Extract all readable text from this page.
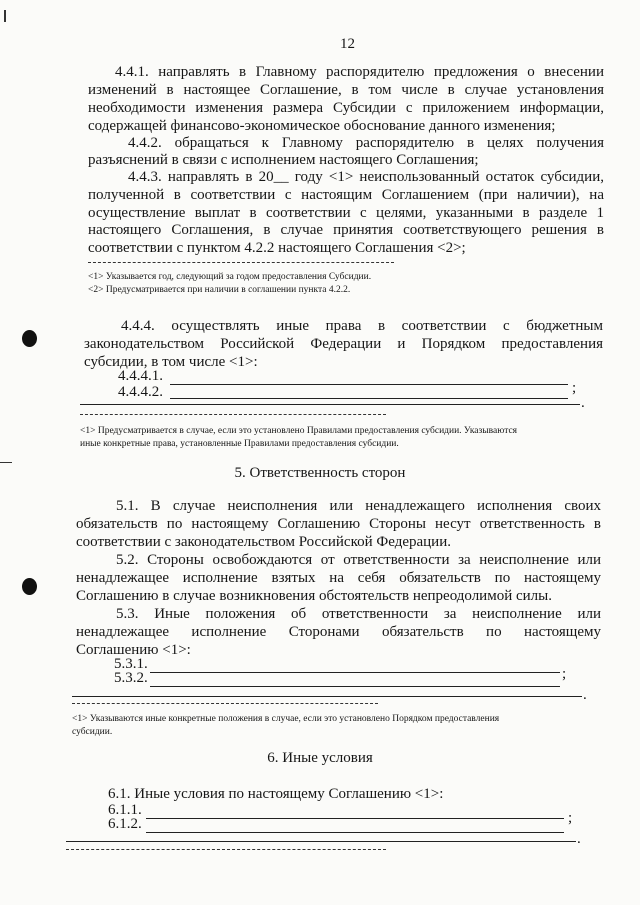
12
4.4.1. направлять в Главному распорядителю предложения о внесении
изменений в настоящее Соглашение, в том числе в случае установления
необходимости изменения размера Субсидии с приложением информации,
содержащей финансово-экономическое обоснование данного изменения;
4.4.2. обращаться к Главному распорядителю в целях получения
разъяснений в связи с исполнением настоящего Соглашения;
4.4.3. направлять в 20__ году <1> неиспользованный остаток субсидии,
полученной в соответствии с настоящим Соглашением (при наличии), на
осуществление выплат в соответствии с целями, указанными в разделе 1
настоящего Соглашения, в случае принятия соответствующего решения в
соответствии с пунктом 4.2.2 настоящего Соглашения <2>;
<1> Указывается год, следующий за годом предоставления Субсидии.
<2> Предусматривается при наличии в соглашении пункта 4.2.2.
4.4.4. осуществлять иные права в соответствии с бюджетным
законодательством Российской Федерации и Порядком предоставления
субсидии, в том числе <1>:
4.4.4.1.
4.4.4.2.	;
.
<1> Предусматривается в случае, если это установлено Правилами предоставления субсидии. Указываются
иные конкретные права, установленные Правилами предоставления субсидии.
5. Ответственность сторон
5.1. В случае неисполнения или ненадлежащего исполнения своих
обязательств по настоящему Соглашению Стороны несут ответственность в
соответствии с законодательством Российской Федерации.
5.2. Стороны освобождаются от ответственности за неисполнение или
ненадлежащее исполнение взятых на себя обязательств по настоящему
Соглашению в случае возникновения обстоятельств непреодолимой силы.
5.3. Иные положения об ответственности за неисполнение или
ненадлежащее исполнение Сторонами обязательств по настоящему
Соглашению <1>:
5.3.1.
5.3.2.	;
.
<1> Указываются иные конкретные положения в случае, если это установлено Порядком предоставления
субсидии.
6. Иные условия
6.1. Иные условия по настоящему Соглашению <1>:
6.1.1.
6.1.2.	;
.
